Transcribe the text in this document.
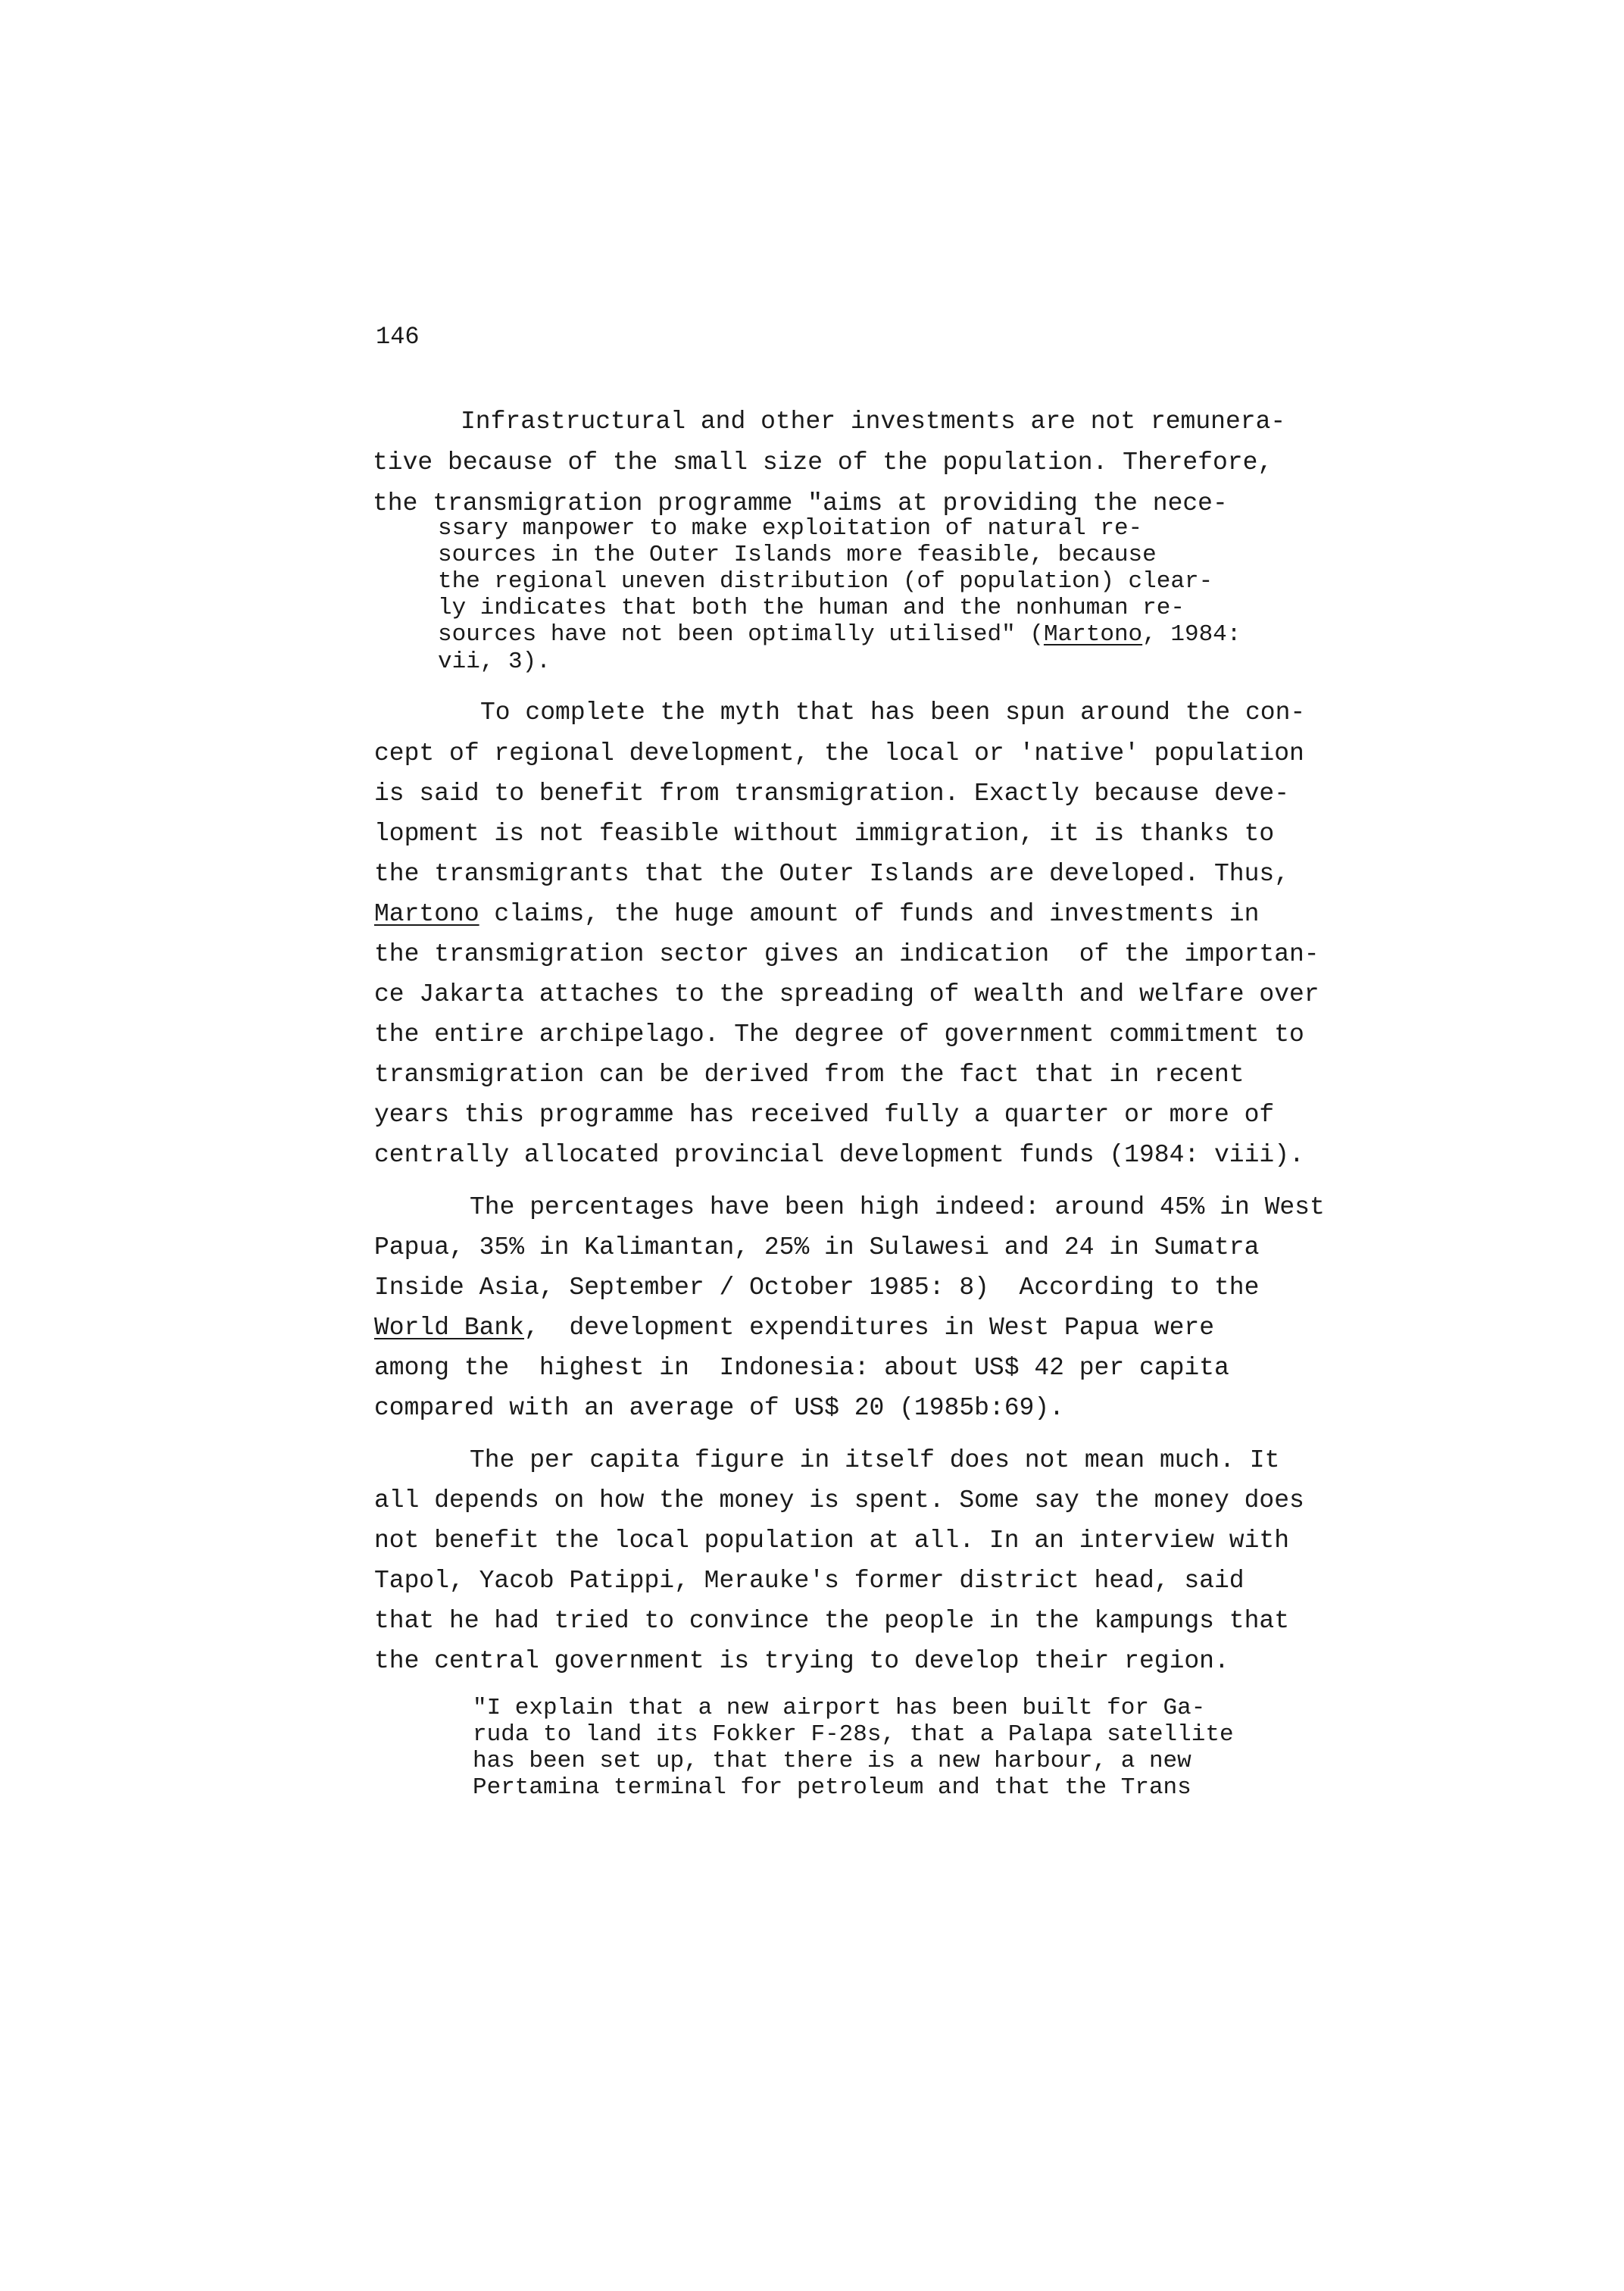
146
Infrastructural and other investments are not remunera-
tive because of the small size of the population. Therefore,
the transmigration programme "aims at providing the nece-
ssary manpower to make exploitation of natural re-
sources in the Outer Islands more feasible, because
the regional uneven distribution (of population) clear-
ly indicates that both the human and the nonhuman re-
sources have not been optimally utilised" (Martono, 1984:
vii, 3).
To complete the myth that has been spun around the con-
cept of regional development, the local or 'native' population
is said to benefit from transmigration. Exactly because deve-
lopment is not feasible without immigration, it is thanks to
the transmigrants that the Outer Islands are developed. Thus,
Martono claims, the huge amount of funds and investments in
the transmigration sector gives an indication  of the importan-
ce Jakarta attaches to the spreading of wealth and welfare over
the entire archipelago. The degree of government commitment to
transmigration can be derived from the fact that in recent
years this programme has received fully a quarter or more of
centrally allocated provincial development funds (1984: viii).
The percentages have been high indeed: around 45% in West
Papua, 35% in Kalimantan, 25% in Sulawesi and 24 in Sumatra
Inside Asia, September / October 1985: 8)  According to the
World Bank,  development expenditures in West Papua were
among the  highest in  Indonesia: about US$ 42 per capita
compared with an average of US$ 20 (1985b:69).
The per capita figure in itself does not mean much. It
all depends on how the money is spent. Some say the money does
not benefit the local population at all. In an interview with
Tapol, Yacob Patippi, Merauke's former district head, said
that he had tried to convince the people in the kampungs that
the central government is trying to develop their region.
"I explain that a new airport has been built for Ga-
ruda to land its Fokker F-28s, that a Palapa satellite
has been set up, that there is a new harbour, a new
Pertamina terminal for petroleum and that the Trans
